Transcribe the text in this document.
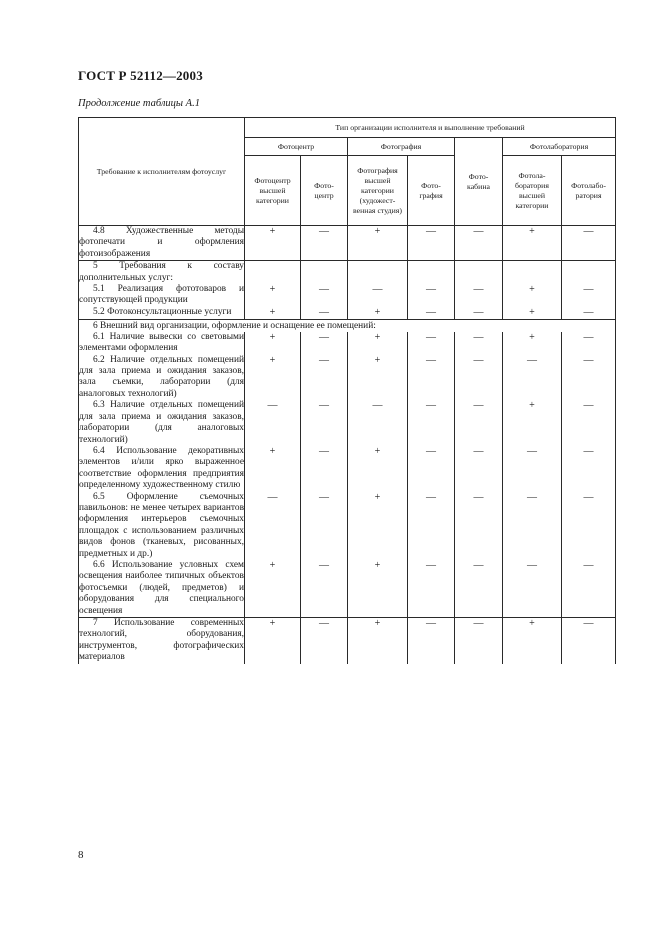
ГОСТ Р 52112—2003
Продолжение таблицы А.1
Требование к исполнителям фотоуслуг	Тип организации исполнителя и выполнение требований						
	Фотоцентр		Фотография		Фото-кабина	Фотолаборатория	
	Фотоцентр высшей категории	Фото-центр	Фотография высшей категории (художест-венная студия)	Фото-графия		Фотола-боратория высшей категории	Фотолабо-ратория

4.8 Художественные методы фотопечати и оформления фотоизображения	+	—	+	—	—	+	—

5 Требования к составу дополнительных услуг:							

5.1 Реализация фототоваров и сопутствующей продукции	+	—	—	—	—	+	—

5.2 Фотоконсультационные услуги	+	—	+	—	—	+	—
6 Внешний вид организации, оформление и оснащение ее помещений:							

6.1 Наличие вывески со световыми элементами оформления	+	—	+	—	—	+	—

6.2 Наличие отдельных помещений для зала приема и ожидания заказов, зала съемки, лаборатории (для аналоговых технологий)	+	—	+	—	—	—	—

6.3 Наличие отдельных помещений для зала приема и ожидания заказов, лаборатории (для аналоговых технологий)	—	—	—	—	—	+	—

6.4 Использование декоративных элементов и/или ярко выраженное соответствие оформления предприятия определенному художественному стилю	+	—	+	—	—	—	—

6.5 Оформление съемочных павильонов: не менее четырех вариантов оформления интерьеров съемочных площадок с использованием различных видов фонов (тканевых, рисованных, предметных и др.)	—	—	+	—	—	—	—

6.6 Использование условных схем освещения наиболее типичных объектов фотосъемки (людей, предметов) и оборудования для специального освещения	+	—	+	—	—	—	—

7 Использование современных технологий, оборудования, инструментов, фотографических материалов	+	—	+	—	—	+	—
8
